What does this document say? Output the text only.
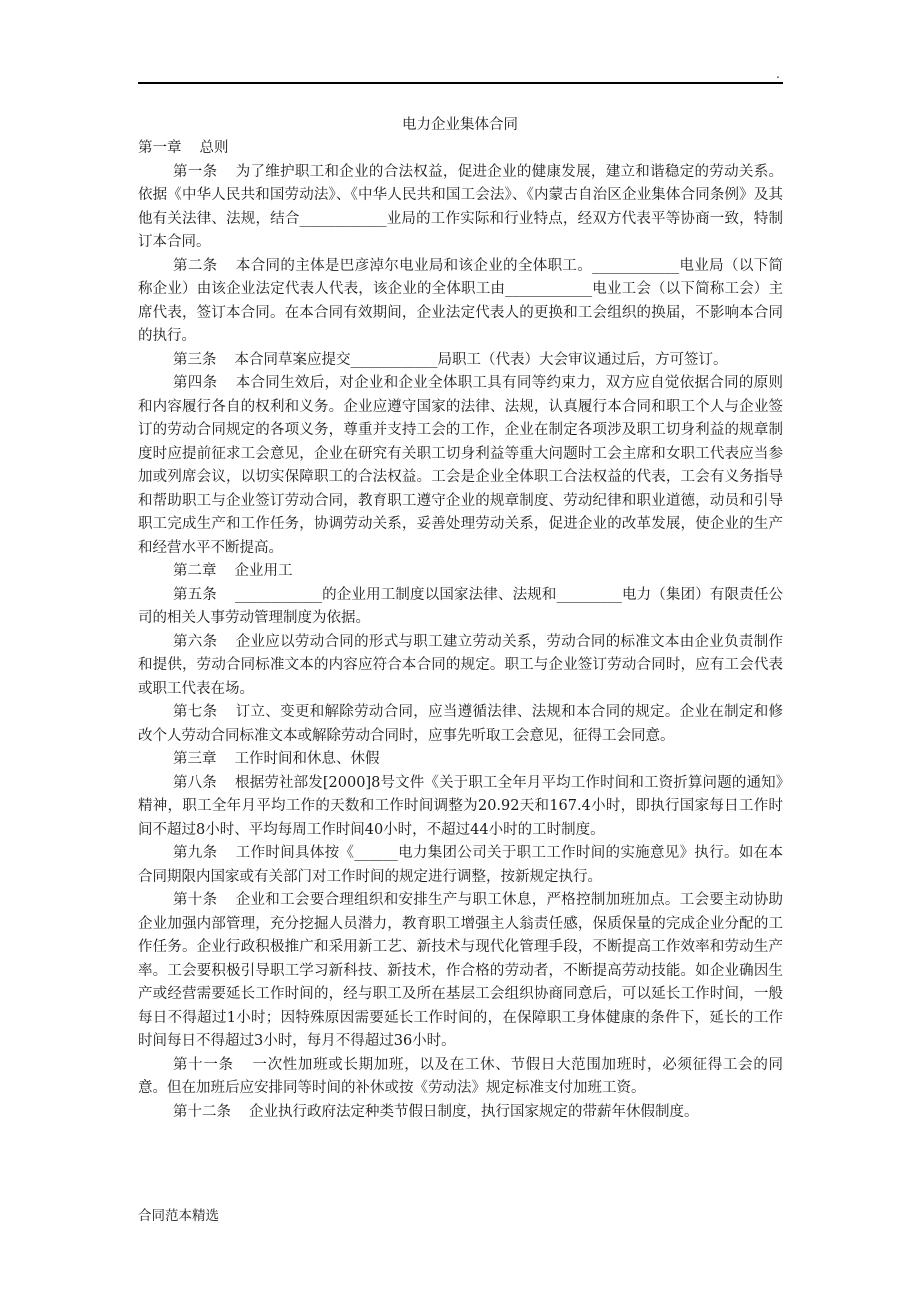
.
电力企业集体合同

第一章 总则

第一条 为了维护职工和企业的合法权益，促进企业的健康发展，建立和谐稳定的劳动关系。依据《中华人民共和国劳动法》、《中华人民共和国工会法》、《内蒙古自治区企业集体合同条例》及其他有关法律、法规，结合____________业局的工作实际和行业特点，经双方代表平等协商一致，特制订本合同。

第二条 本合同的主体是巴彦淖尔电业局和该企业的全体职工。____________电业局（以下简称企业）由该企业法定代表人代表，该企业的全体职工由____________电业工会（以下简称工会）主席代表，签订本合同。在本合同有效期间，企业法定代表人的更换和工会组织的换届，不影响本合同的执行。

第三条 本合同草案应提交____________局职工（代表）大会审议通过后，方可签订。

第四条 本合同生效后，对企业和企业全体职工具有同等约束力，双方应自觉依据合同的原则和内容履行各自的权利和义务。企业应遵守国家的法律、法规，认真履行本合同和职工个人与企业签订的劳动合同规定的各项义务，尊重并支持工会的工作，企业在制定各项涉及职工切身利益的规章制度时应提前征求工会意见，企业在研究有关职工切身利益等重大问题时工会主席和女职工代表应当参加或列席会议，以切实保障职工的合法权益。工会是企业全体职工合法权益的代表，工会有义务指导和帮助职工与企业签订劳动合同，教育职工遵守企业的规章制度、劳动纪律和职业道德，动员和引导职工完成生产和工作任务，协调劳动关系，妥善处理劳动关系，促进企业的改革发展，使企业的生产和经营水平不断提高。

第二章 企业用工

第五条 ____________的企业用工制度以国家法律、法规和_________电力（集团）有限责任公司的相关人事劳动管理制度为依据。

第六条 企业应以劳动合同的形式与职工建立劳动关系，劳动合同的标准文本由企业负责制作和提供，劳动合同标准文本的内容应符合本合同的规定。职工与企业签订劳动合同时，应有工会代表或职工代表在场。

第七条 订立、变更和解除劳动合同，应当遵循法律、法规和本合同的规定。企业在制定和修改个人劳动合同标准文本或解除劳动合同时，应事先听取工会意见，征得工会同意。

第三章 工作时间和休息、休假

第八条 根据劳社部发[2000]8号文件《关于职工全年月平均工作时间和工资折算问题的通知》精神，职工全年月平均工作的天数和工作时间调整为20.92天和167.4小时，即执行国家每日工作时间不超过8小时、平均每周工作时间40小时，不超过44小时的工时制度。

第九条 工作时间具体按《______电力集团公司关于职工工作时间的实施意见》执行。如在本合同期限内国家或有关部门对工作时间的规定进行调整，按新规定执行。

第十条 企业和工会要合理组织和安排生产与职工休息，严格控制加班加点。工会要主动协助企业加强内部管理，充分挖掘人员潜力，教育职工增强主人翁责任感，保质保量的完成企业分配的工作任务。企业行政积极推广和采用新工艺、新技术与现代化管理手段，不断提高工作效率和劳动生产率。工会要积极引导职工学习新科技、新技术，作合格的劳动者，不断提高劳动技能。如企业确因生产或经营需要延长工作时间的，经与职工及所在基层工会组织协商同意后，可以延长工作时间，一般每日不得超过1小时；因特殊原因需要延长工作时间的，在保障职工身体健康的条件下，延长的工作时间每日不得超过3小时，每月不得超过36小时。

第十一条 一次性加班或长期加班，以及在工休、节假日大范围加班时，必须征得工会的同意。但在加班后应安排同等时间的补休或按《劳动法》规定标准支付加班工资。

第十二条 企业执行政府法定种类节假日制度，执行国家规定的带薪年休假制度。

合同范本精选
